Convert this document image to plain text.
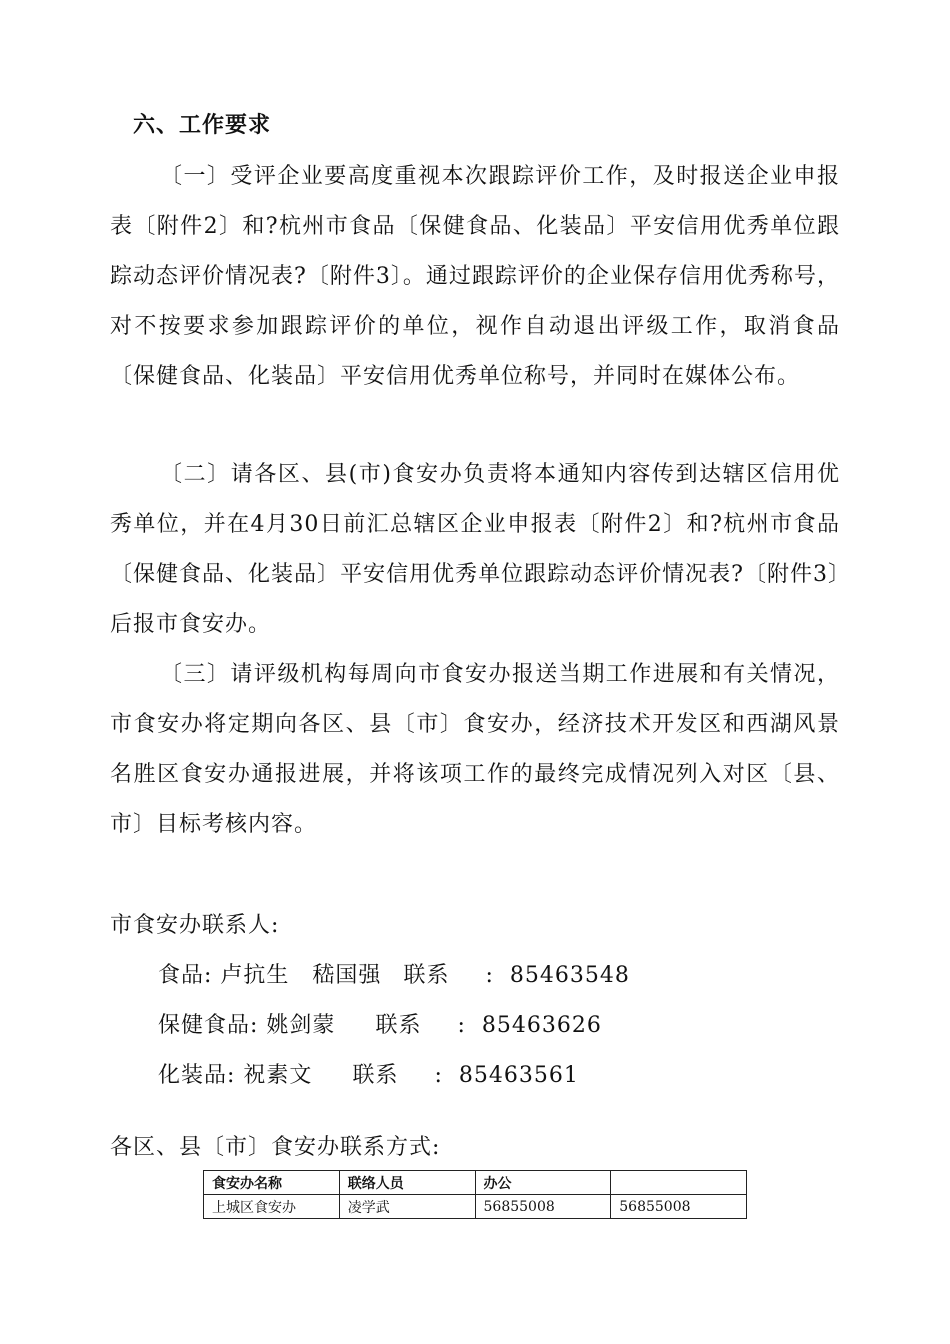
六、工作要求

〔一〕受评企业要高度重视本次跟踪评价工作，及时报送企业申报表〔附件2〕和?杭州市食品〔保健食品、化装品〕平安信用优秀单位跟踪动态评价情况表?〔附件3〕。通过跟踪评价的企业保存信用优秀称号，对不按要求参加跟踪评价的单位，视作自动退出评级工作，取消食品〔保健食品、化装品〕平安信用优秀单位称号，并同时在媒体公布。

〔二〕请各区、县(市)食安办负责将本通知内容传到达辖区信用优秀单位，并在4月30日前汇总辖区企业申报表〔附件2〕和?杭州市食品〔保健食品、化装品〕平安信用优秀单位跟踪动态评价情况表?〔附件3〕后报市食安办。

〔三〕请评级机构每周向市食安办报送当期工作进展和有关情况，市食安办将定期向各区、县〔市〕食安办，经济技术开发区和西湖风景名胜区食安办通报进展，并将该项工作的最终完成情况列入对区〔县、市〕目标考核内容。

市食安办联系人:
食品: 卢抗生　嵇国强 联系 : 85463548
保健食品: 姚剑蒙 联系 : 85463626
化装品: 祝素文 联系 : 85463561
各区、县〔市〕食安办联系方式:
食安办名称	联络人员	办公	
上城区食安办	凌学武	56855008	56855008
